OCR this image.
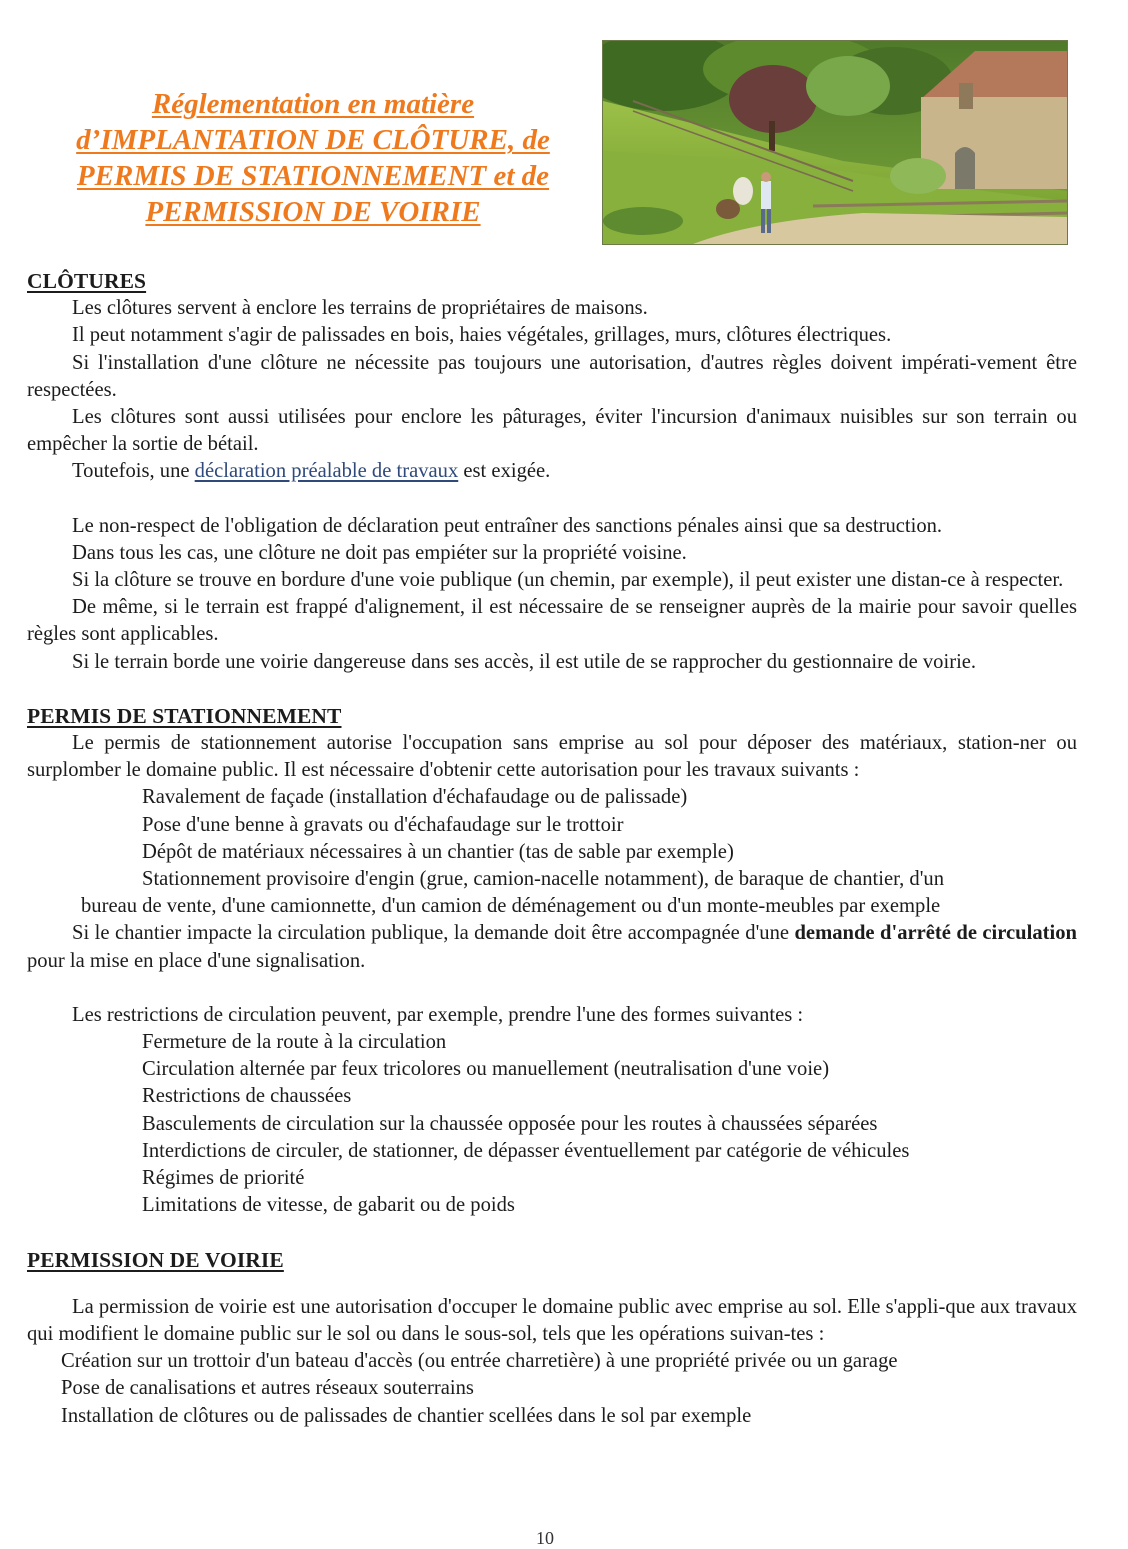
Réglementation en matière
d’IMPLANTATION DE CLÔTURE, de
PERMIS DE STATIONNEMENT et de
PERMISSION DE VOIRIE

CLÔTURES

Les clôtures servent à enclore les terrains de propriétaires de maisons.

Il peut notamment s'agir de palissades en bois, haies végétales, grillages, murs, clôtures électriques.

Si l'installation d'une clôture ne nécessite pas toujours une autorisation, d'autres règles doivent impérati-vement être respectées.

Les clôtures sont aussi utilisées pour enclore les pâturages, éviter l'incursion d'animaux nuisibles sur son terrain ou empêcher la sortie de bétail.

Toutefois, une déclaration préalable de travaux est exigée.

Le non-respect de l'obligation de déclaration peut entraîner des sanctions pénales ainsi que sa destruction.

Dans tous les cas, une clôture ne doit pas empiéter sur la propriété voisine.

Si la clôture se trouve en bordure d'une voie publique (un chemin, par exemple), il peut exister une distan-ce à respecter.

De même, si le terrain est frappé d'alignement, il est nécessaire de se renseigner auprès de la mairie pour savoir quelles règles sont applicables.

Si le terrain borde une voirie dangereuse dans ses accès, il est utile de se rapprocher du gestionnaire de voirie.

PERMIS DE STATIONNEMENT

Le permis de stationnement autorise l'occupation sans emprise au sol pour déposer des matériaux, station-ner ou surplomber le domaine public. Il est nécessaire d'obtenir cette autorisation pour les travaux suivants :

Ravalement de façade (installation d'échafaudage ou de palissade)

Pose d'une benne à gravats ou d'échafaudage sur le trottoir

Dépôt de matériaux nécessaires à un chantier (tas de sable par exemple)

Stationnement provisoire d'engin (grue, camion-nacelle notamment), de baraque de chantier, d'un

bureau de vente, d'une camionnette, d'un camion de déménagement ou d'un monte-meubles par exemple

Si le chantier impacte la circulation publique, la demande doit être accompagnée d'une demande d'arrêté de circulation pour la mise en place d'une signalisation.

Les restrictions de circulation peuvent, par exemple, prendre l'une des formes suivantes :

Fermeture de la route à la circulation

Circulation alternée par feux tricolores ou manuellement (neutralisation d'une voie)

Restrictions de chaussées

Basculements de circulation sur la chaussée opposée pour les routes à chaussées séparées

Interdictions de circuler, de stationner, de dépasser éventuellement par catégorie de véhicules

Régimes de priorité

Limitations de vitesse, de gabarit ou de poids

PERMISSION DE VOIRIE

La permission de voirie est une autorisation d'occuper le domaine public avec emprise au sol. Elle s'appli-que aux travaux qui modifient le domaine public sur le sol ou dans le sous-sol, tels que les opérations suivan-tes :

Création sur un trottoir d'un bateau d'accès (ou entrée charretière) à une propriété privée ou un garage

Pose de canalisations et autres réseaux souterrains

Installation de clôtures ou de palissades de chantier scellées dans le sol par exemple

10
